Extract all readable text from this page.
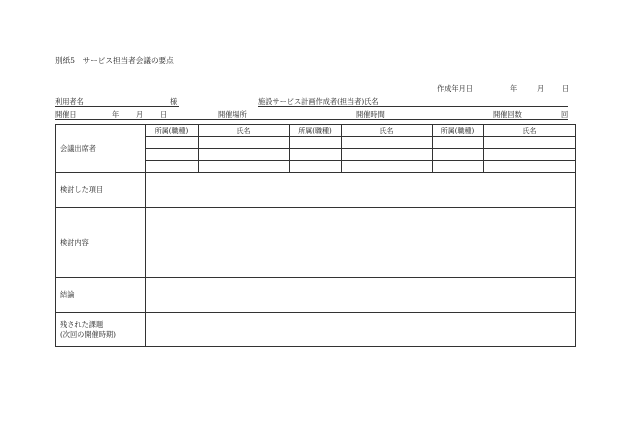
別紙5　サービス担当者会議の要点
作成年月日	年	月 日
利用者名	様	施設サービス計画作成者(担当者)氏名
開催日	年 月 日	開催場所	開催時間	開催回数	回
所属(職種)	氏名	所属(職種)	氏名	所属(職種)	氏名
会議出席者
検討した項目
検討内容
結論
残された課題
(次回の開催時期)
